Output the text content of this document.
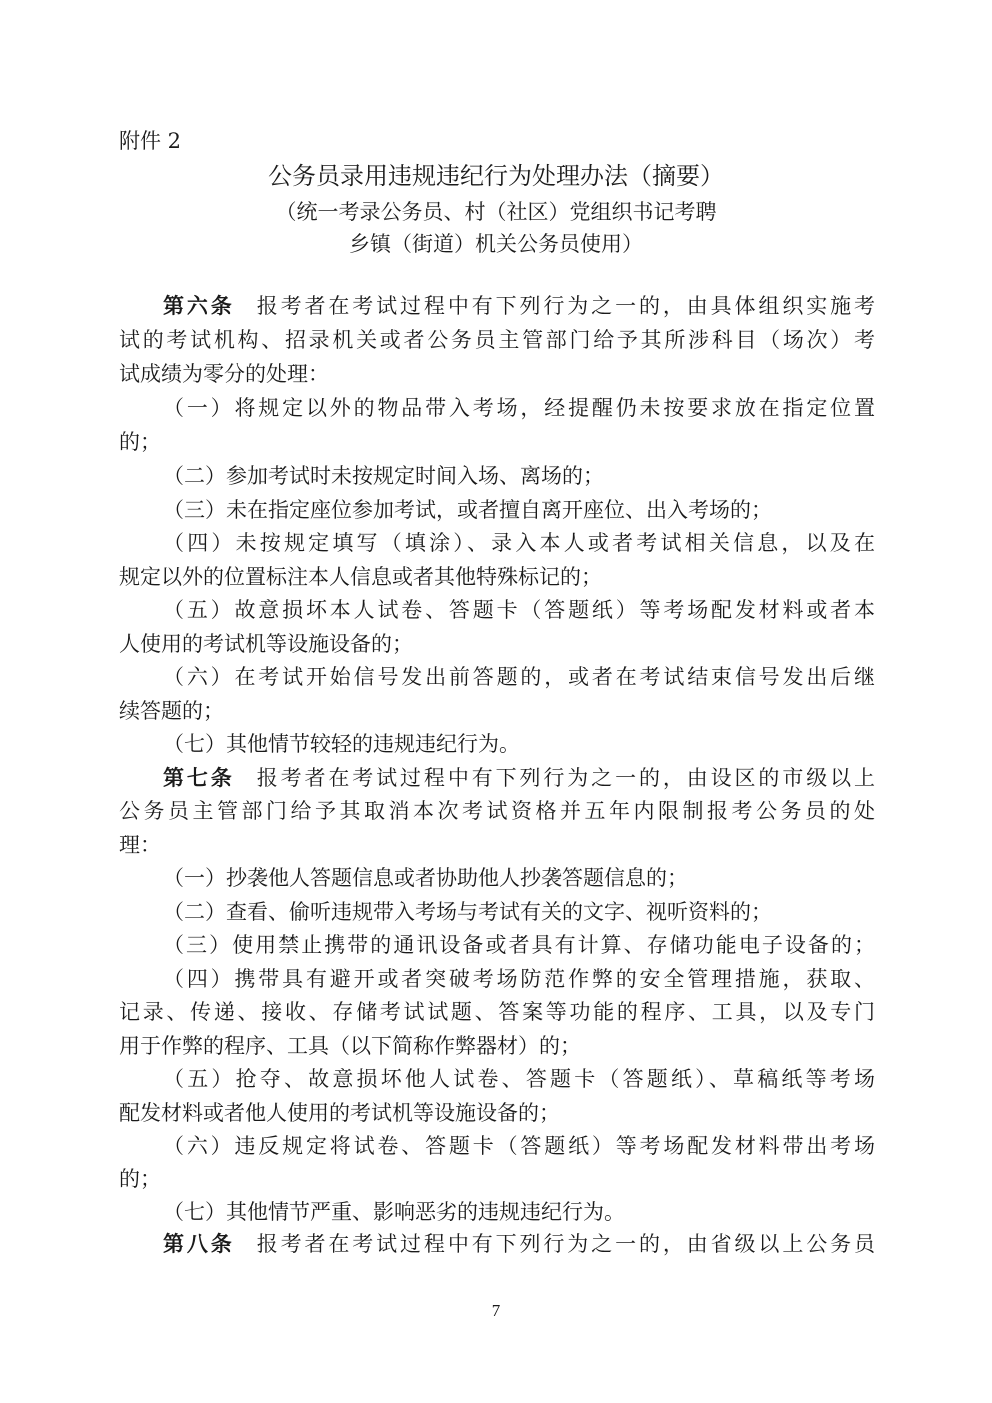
附件 2
公务员录用违规违纪行为处理办法（摘要）
（统一考录公务员、村（社区）党组织书记考聘
乡镇（街道）机关公务员使用）
第六条 报考者在考试过程中有下列行为之一的，由具体组织实施考
试的考试机构、招录机关或者公务员主管部门给予其所涉科目（场次）考
试成绩为零分的处理：
（一）将规定以外的物品带入考场，经提醒仍未按要求放在指定位置
的；
（二）参加考试时未按规定时间入场、离场的；
（三）未在指定座位参加考试，或者擅自离开座位、出入考场的；
（四）未按规定填写（填涂）、录入本人或者考试相关信息，以及在
规定以外的位置标注本人信息或者其他特殊标记的；
（五）故意损坏本人试卷、答题卡（答题纸）等考场配发材料或者本
人使用的考试机等设施设备的；
（六）在考试开始信号发出前答题的，或者在考试结束信号发出后继
续答题的；
（七）其他情节较轻的违规违纪行为。
第七条 报考者在考试过程中有下列行为之一的，由设区的市级以上
公务员主管部门给予其取消本次考试资格并五年内限制报考公务员的处
理：
（一）抄袭他人答题信息或者协助他人抄袭答题信息的；
（二）查看、偷听违规带入考场与考试有关的文字、视听资料的；
（三）使用禁止携带的通讯设备或者具有计算、存储功能电子设备的；
（四）携带具有避开或者突破考场防范作弊的安全管理措施，获取、
记录、传递、接收、存储考试试题、答案等功能的程序、工具，以及专门
用于作弊的程序、工具（以下简称作弊器材）的；
（五）抢夺、故意损坏他人试卷、答题卡（答题纸）、草稿纸等考场
配发材料或者他人使用的考试机等设施设备的；
（六）违反规定将试卷、答题卡（答题纸）等考场配发材料带出考场
的；
（七）其他情节严重、影响恶劣的违规违纪行为。
第八条 报考者在考试过程中有下列行为之一的，由省级以上公务员
7
